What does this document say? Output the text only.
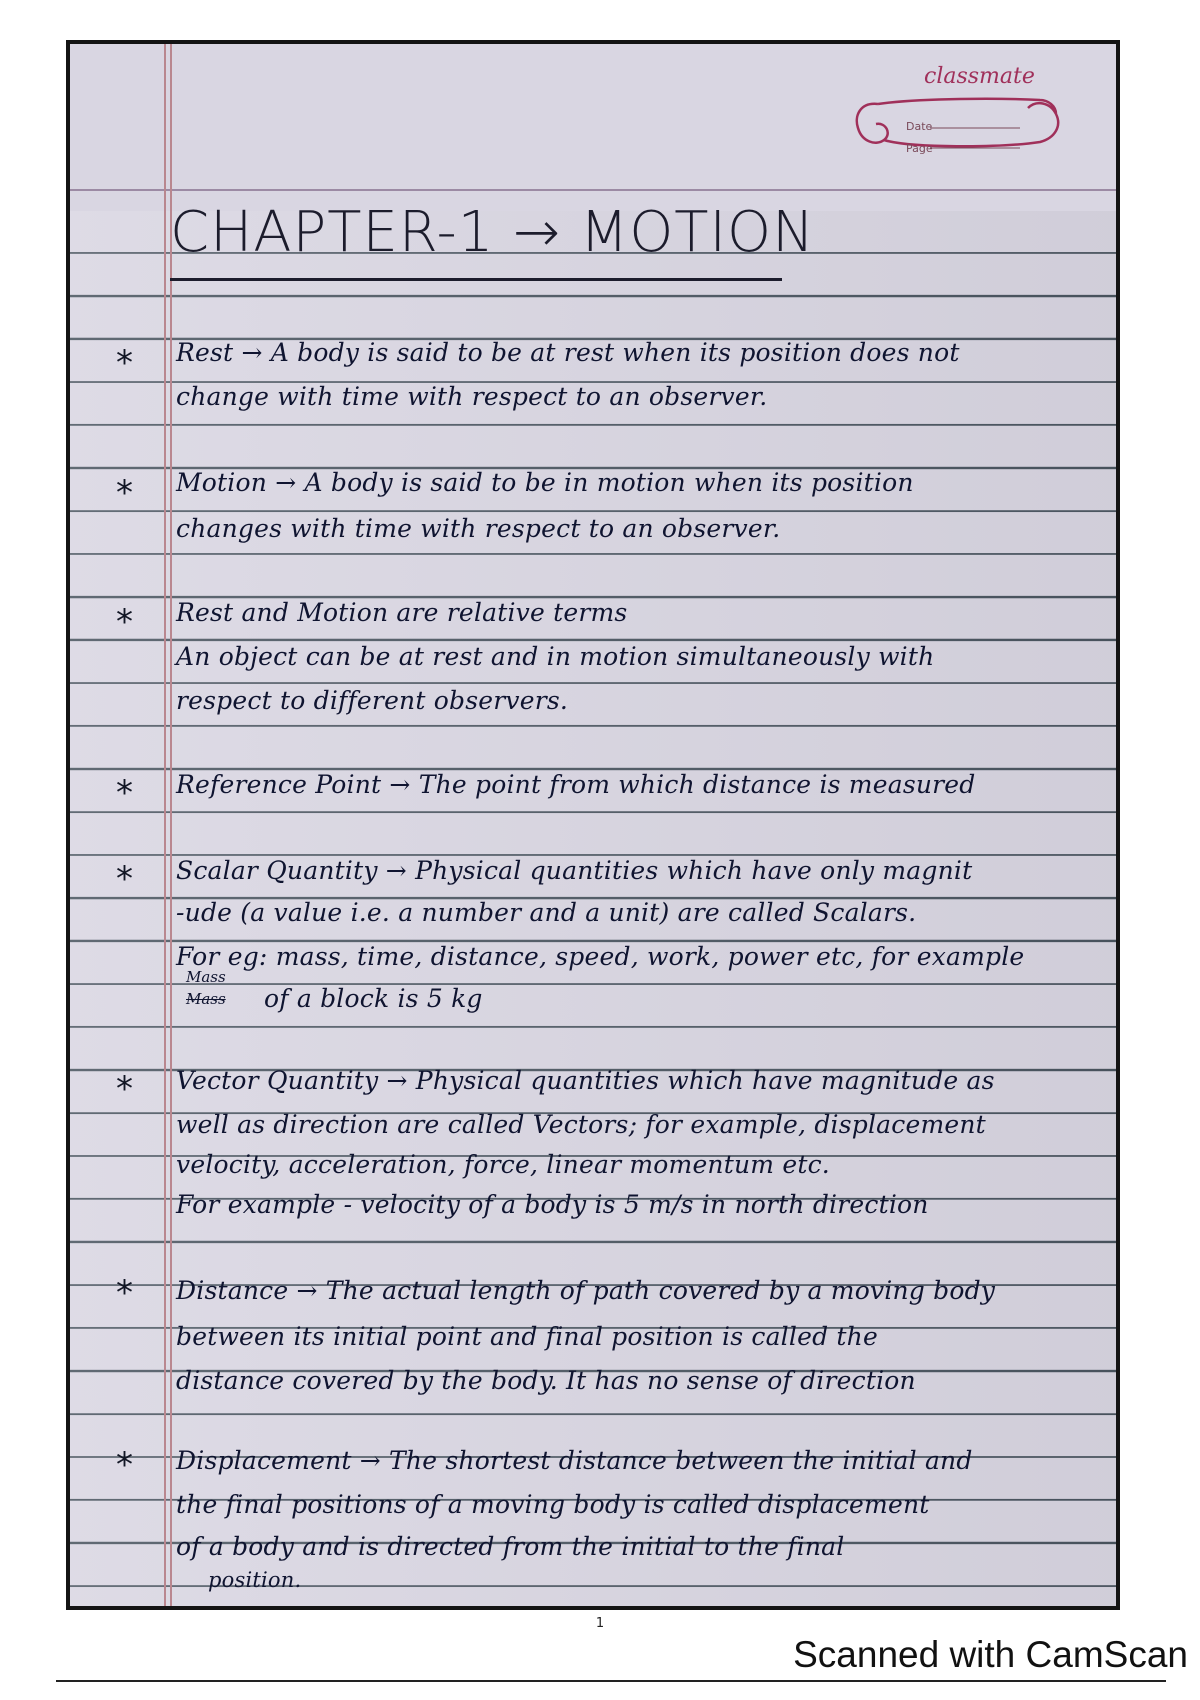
classmate
Date
Page
CHAPTER-1 → MOTION
* Rest → A body is said to be at rest when its position does not
change with time with respect to an observer.
* Motion → A body is said to be in motion when its position
changes with time with respect to an observer.
* Rest and Motion are relative terms
An object can be at rest and in motion simultaneously with
respect to different observers.
* Reference Point → The point from which distance is measured
* Scalar Quantity → Physical quantities which have only magnit
-ude (a value i.e. a number and a unit) are called Scalars.
For eg: mass, time, distance, speed, work, power etc, for example
Mass
Mass of a block is 5 kg
* Vector Quantity → Physical quantities which have magnitude as
well as direction are called Vectors; for example, displacement
velocity, acceleration, force, linear momentum etc.
For example - velocity of a body is 5 m/s in north direction
* Distance → The actual length of path covered by a moving body
between its initial point and final position is called the
distance covered by the body. It has no sense of direction
* Displacement → The shortest distance between the initial and
the final positions of a moving body is called displacement
of a body and is directed from the initial to the final
position.
1
Scanned with CamScan
